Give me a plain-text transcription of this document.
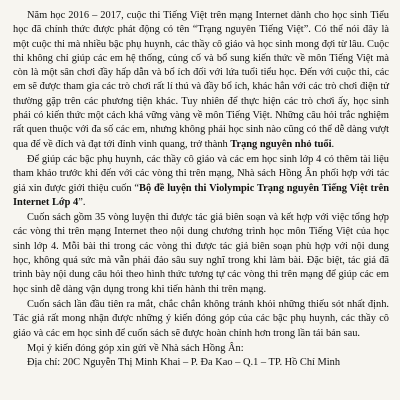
Năm học 2016 – 2017, cuộc thi Tiếng Việt trên mạng Internet dành cho học sinh Tiểu học đã chính thức được phát động có tên “Trạng nguyên Tiếng Việt”. Có thể nói đây là một cuộc thi mà nhiều bậc phụ huynh, các thầy cô giáo và học sinh mong đợi từ lâu. Cuộc thi không chỉ giúp các em hệ thống, củng cố và bổ sung kiến thức về môn Tiếng Việt mà còn là một sân chơi đầy hấp dẫn và bổ ích đối với lứa tuổi tiểu học. Đến với cuộc thi, các em sẽ được tham gia các trò chơi rất lí thú và đầy bổ ích, khác hẳn với các trò chơi điện tử thường gặp trên các phương tiện khác. Tuy nhiên để thực hiện các trò chơi ấy, học sinh phải có kiến thức một cách khá vững vàng về môn Tiếng Việt. Những câu hỏi trắc nghiệm rất quen thuộc với đa số các em, nhưng không phải học sinh nào cũng có thể dễ dàng vượt qua để về đích và đạt tới đỉnh vinh quang, trở thành Trạng nguyên nhỏ tuổi.

Để giúp các bậc phụ huynh, các thầy cô giáo và các em học sinh lớp 4 có thêm tài liệu tham khảo trước khi đến với các vòng thi trên mạng, Nhà sách Hồng Ân phối hợp với tác giả xin được giới thiệu cuốn “Bộ đề luyện thi Violympic Trạng nguyên Tiếng Việt trên Internet Lớp 4”.

Cuốn sách gồm 35 vòng luyện thi được tác giả biên soạn và kết hợp với việc tổng hợp các vòng thi trên mạng Internet theo nội dung chương trình học môn Tiếng Việt của học sinh lớp 4. Mỗi bài thi trong các vòng thi được tác giả biên soạn phù hợp với nội dung học, không quá sức mà vẫn phải đảo sâu suy nghĩ trong khi làm bài. Đặc biệt, tác giả đã trình bày nội dung câu hỏi theo hình thức tương tự các vòng thi trên mạng để giúp các em học sinh dễ dàng vận dụng trong khi tiến hành thi trên mạng.

Cuốn sách lần đầu tiên ra mắt, chắc chắn không tránh khỏi những thiếu sót nhất định. Tác giả rất mong nhận được những ý kiến đóng góp của các bậc phụ huynh, các thầy cô giáo và các em học sinh để cuốn sách sẽ được hoàn chỉnh hơn trong lần tái bản sau.

Mọi ý kiến đóng góp xin gửi về Nhà sách Hồng Ân:

Địa chỉ: 20C Nguyễn Thị Minh Khai – P. Đa Kao – Q.1 – TP. Hồ Chí Minh
